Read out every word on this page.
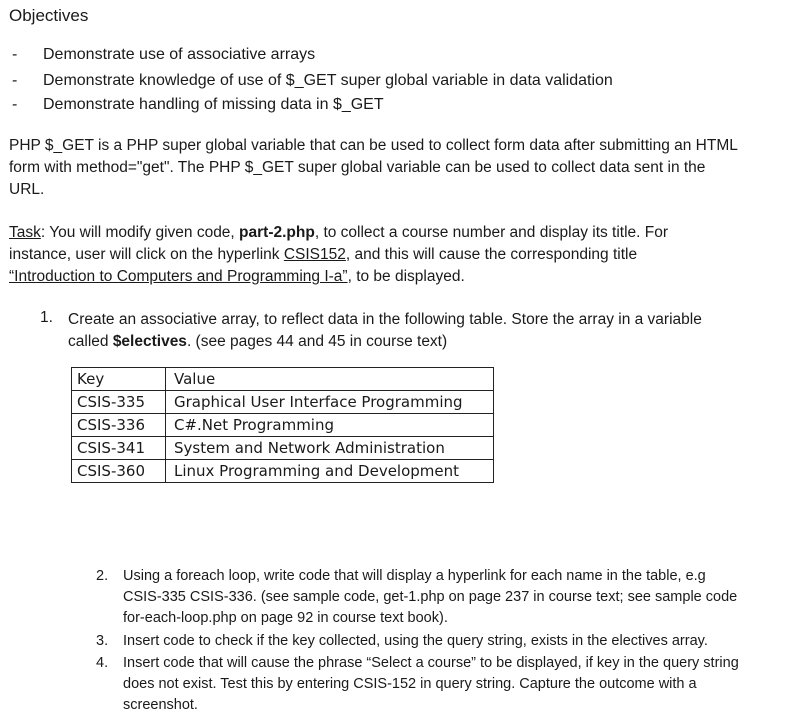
Objectives
- Demonstrate use of associative arrays
- Demonstrate knowledge of use of $_GET super global variable in data validation
- Demonstrate handling of missing data in $_GET
PHP $_GET is a PHP super global variable that can be used to collect form data after submitting an HTML
form with method="get". The PHP $_GET super global variable can be used to collect data sent in the
URL.
Task: You will modify given code, part-2.php, to collect a course number and display its title. For
instance, user will click on the hyperlink CSIS152, and this will cause the corresponding title
“Introduction to Computers and Programming I-a”, to be displayed.
1. Create an associative array, to reflect data in the following table. Store the array in a variable
called $electives. (see pages 44 and 45 in course text)
Key	Value
CSIS-335	Graphical User Interface Programming
CSIS-336	C#.Net Programming
CSIS-341	System and Network Administration
CSIS-360	Linux Programming and Development
2. Using a foreach loop, write code that will display a hyperlink for each name in the table, e.g
CSIS-335 CSIS-336. (see sample code, get-1.php on page 237 in course text; see sample code
for-each-loop.php on page 92 in course text book).
3. Insert code to check if the key collected, using the query string, exists in the electives array.
4. Insert code that will cause the phrase “Select a course” to be displayed, if key in the query string
does not exist. Test this by entering CSIS-152 in query string. Capture the outcome with a
screenshot.
